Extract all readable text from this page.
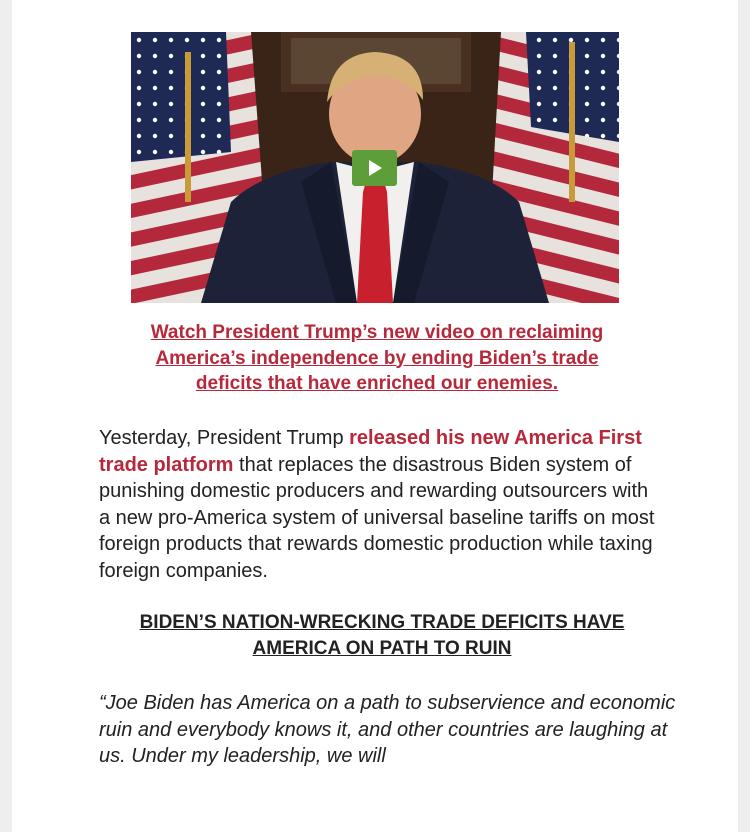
Watch President Trump’s new video on reclaiming
America’s independence by ending Biden’s trade
deficits that have enriched our enemies.

Yesterday, President Trump released his new America First trade platform that replaces the disastrous Biden system of punishing domestic producers and rewarding outsourcers with a new pro-America system of universal baseline tariffs on most foreign products that rewards domestic production while taxing foreign companies.

BIDEN’S NATION-WRECKING TRADE DEFICITS HAVE
AMERICA ON PATH TO RUIN

“Joe Biden has America on a path to subservience and economic ruin and everybody knows it, and other countries are laughing at us. Under my leadership, we will
